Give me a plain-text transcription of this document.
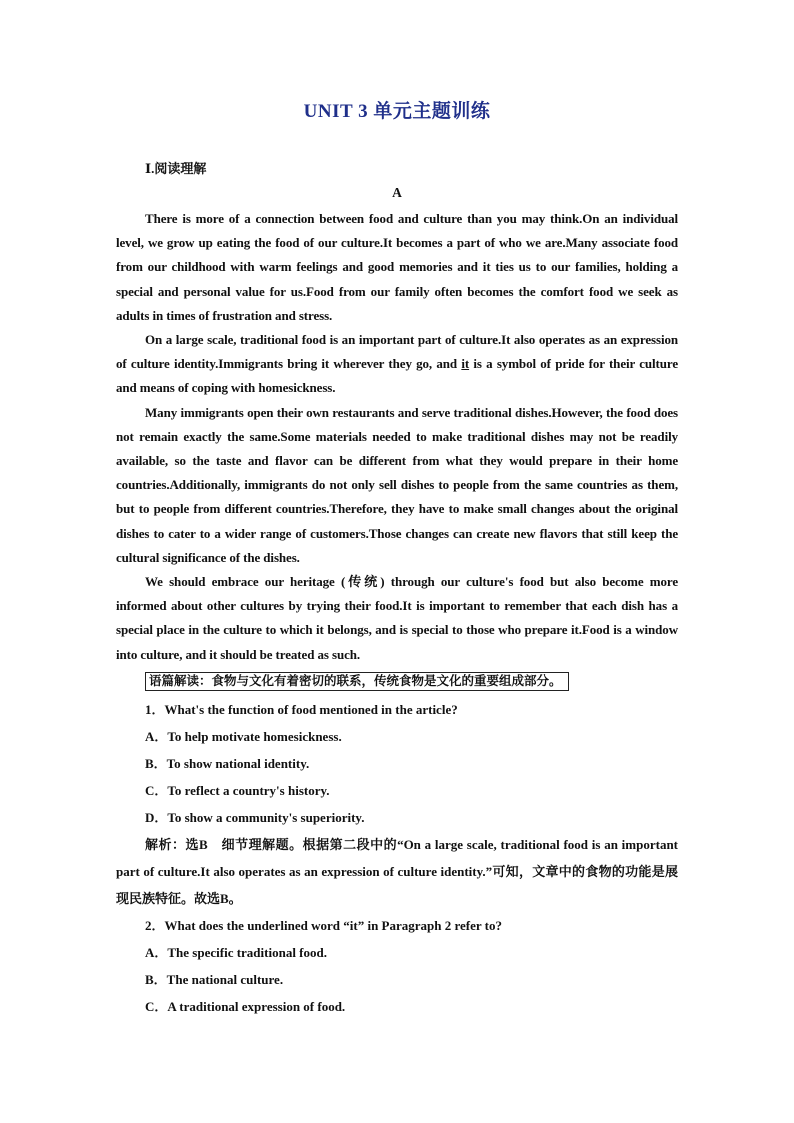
UNIT 3 单元主题训练
Ⅰ.阅读理解
A

There is more of a connection between food and culture than you may think.On an individual level, we grow up eating the food of our culture.It becomes a part of who we are.Many associate food from our childhood with warm feelings and good memories and it ties us to our families, holding a special and personal value for us.Food from our family often becomes the comfort food we seek as adults in times of frustration and stress.

On a large scale, traditional food is an important part of culture.It also operates as an expression of culture identity.Immigrants bring it wherever they go, and it is a symbol of pride for their culture and means of coping with homesickness.

Many immigrants open their own restaurants and serve traditional dishes.However, the food does not remain exactly the same.Some materials needed to make traditional dishes may not be readily available, so the taste and flavor can be different from what they would prepare in their home countries.Additionally, immigrants do not only sell dishes to people from the same countries as them, but to people from different countries.Therefore, they have to make small changes about the original dishes to cater to a wider range of customers.Those changes can create new flavors that still keep the cultural significance of the dishes.

We should embrace our heritage (传统) through our culture's food but also become more informed about other cultures by trying their food.It is important to remember that each dish has a special place in the culture to which it belongs, and is special to those who prepare it.Food is a window into culture, and it should be treated as such.

语篇解读：食物与文化有着密切的联系，传统食物是文化的重要组成部分。

1．What's the function of food mentioned in the article?

A．To help motivate homesickness.

B．To show national identity.

C．To reflect a country's history.

D．To show a community's superiority.

解析：选B　细节理解题。根据第二段中的“On a large scale, traditional food is an important part of culture.It also operates as an expression of culture identity.”可知，文章中的食物的功能是展现民族特征。故选B。

2．What does the underlined word “it” in Paragraph 2 refer to?

A．The specific traditional food.

B．The national culture.

C．A traditional expression of food.
